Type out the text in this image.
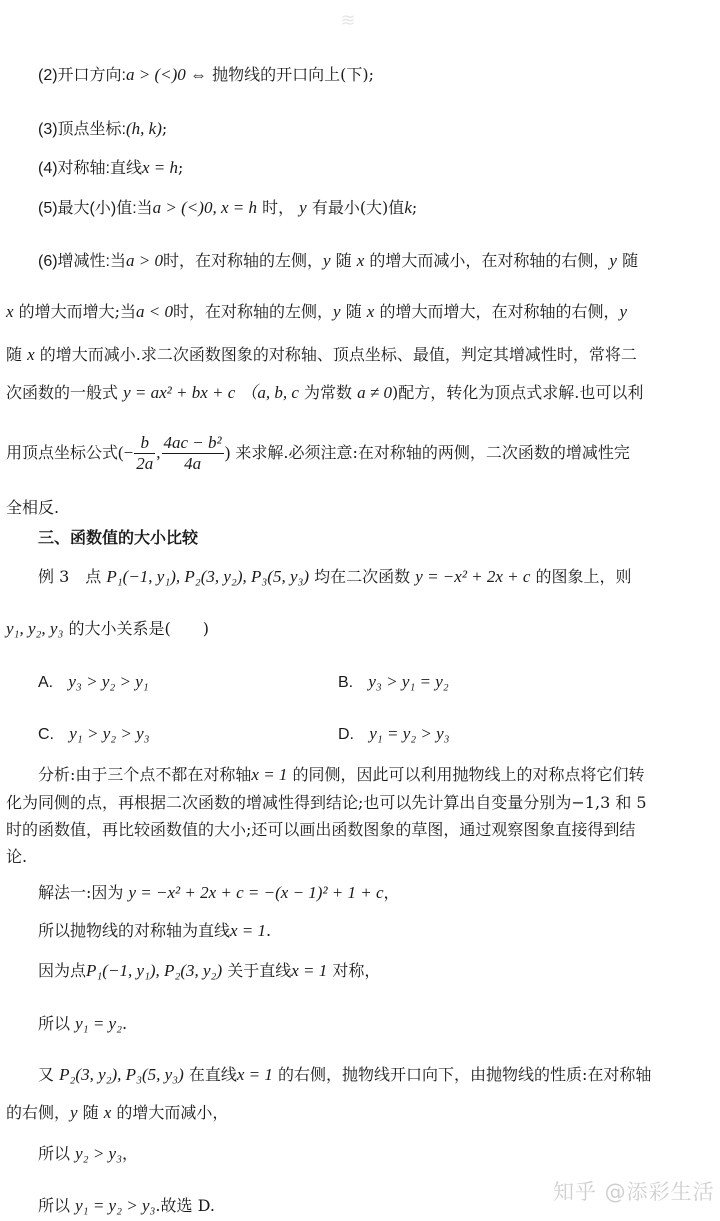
≋
(2)开口方向:a > (<)0 ⇔ 抛物线的开口向上(下);
(3)顶点坐标:(h, k);
(4)对称轴:直线x = h;
(5)最大(小)值:当a > (<)0, x = h 时， y 有最小(大)值k;
(6)增减性:当a > 0时，在对称轴的左侧，y 随 x 的增大而减小，在对称轴的右侧，y 随
x 的增大而增大;当a < 0时，在对称轴的左侧，y 随 x 的增大而增大，在对称轴的右侧，y
随 x 的增大而减小.求二次函数图象的对称轴、顶点坐标、最值，判定其增减性时，常将二
次函数的一般式 y = ax² + bx + c （a, b, c 为常数 a ≠ 0)配方，转化为顶点式求解.也可以利
用顶点坐标公式(− $\frac{b}{2a}$ , $\frac{\text{4ac − b²}}{4a}$ ) 来求解.必须注意:在对称轴的两侧，二次函数的增减性完
全相反.
三、函数值的大小比较
例 3　点 P₁(−1, y₁), P₂(3, y₂), P₃(5, y₃) 均在二次函数 y = −x² + 2x + c 的图象上，则
y₁, y₂, y₃ 的大小关系是(　　)
A. y₃ > y₂ > y₁	B. y₃ > y₁ = y₂
C. y₁ > y₂ > y₃	D. y₁ = y₂ > y₃
分析:由于三个点不都在对称轴x = 1 的同侧，因此可以利用抛物线上的对称点将它们转
化为同侧的点，再根据二次函数的增减性得到结论;也可以先计算出自变量分别为−1,3 和 5
时的函数值，再比较函数值的大小;还可以画出函数图象的草图，通过观察图象直接得到结
论.
解法一:因为 y = −x² + 2x + c = −(x − 1)² + 1 + c，
所以抛物线的对称轴为直线x = 1.
因为点P₁(−1, y₁), P₂(3, y₂) 关于直线x = 1 对称，
所以 y₁ = y₂.
又 P₂(3, y₂), P₃(5, y₃) 在直线x = 1 的右侧，抛物线开口向下，由抛物线的性质:在对称轴
的右侧，y 随 x 的增大而减小，
所以 y₂ > y₃，
所以 y₁ = y₂ > y₃.故选 D.
知乎 @添彩生活
